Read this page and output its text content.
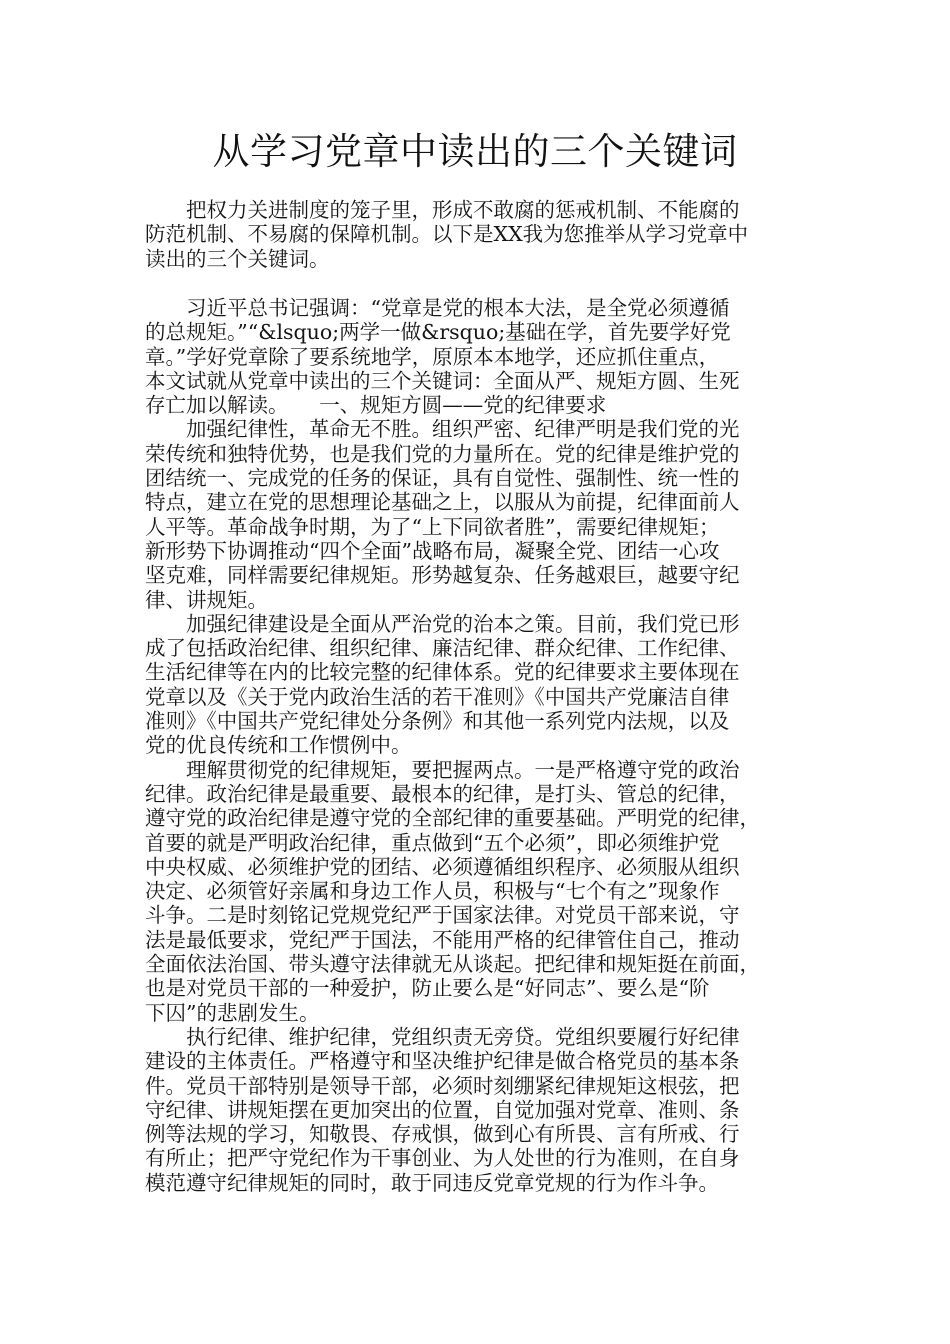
从学习党章中读出的三个关键词
　　把权力关进制度的笼子里，形成不敢腐的惩戒机制、不能腐的
防范机制、不易腐的保障机制。以下是XX我为您推举从学习党章中
读出的三个关键词。
　　习近平总书记强调：“党章是党的根本大法，是全党必须遵循
的总规矩。”“&lsquo;两学一做&rsquo;基础在学，首先要学好党
章。”学好党章除了要系统地学，原原本本地学，还应抓住重点，
本文试就从党章中读出的三个关键词：全面从严、规矩方圆、生死
存亡加以解读。　　一、规矩方圆——党的纪律要求
　　加强纪律性，革命无不胜。组织严密、纪律严明是我们党的光
荣传统和独特优势，也是我们党的力量所在。党的纪律是维护党的
团结统一、完成党的任务的保证，具有自觉性、强制性、统一性的
特点，建立在党的思想理论基础之上，以服从为前提，纪律面前人
人平等。革命战争时期，为了“上下同欲者胜”，需要纪律规矩；
新形势下协调推动“四个全面”战略布局，凝聚全党、团结一心攻
坚克难，同样需要纪律规矩。形势越复杂、任务越艰巨，越要守纪
律、讲规矩。
　　加强纪律建设是全面从严治党的治本之策。目前，我们党已形
成了包括政治纪律、组织纪律、廉洁纪律、群众纪律、工作纪律、
生活纪律等在内的比较完整的纪律体系。党的纪律要求主要体现在
党章以及《关于党内政治生活的若干准则》《中国共产党廉洁自律
准则》《中国共产党纪律处分条例》和其他一系列党内法规，以及
党的优良传统和工作惯例中。
　　理解贯彻党的纪律规矩，要把握两点。一是严格遵守党的政治
纪律。政治纪律是最重要、最根本的纪律，是打头、管总的纪律，
遵守党的政治纪律是遵守党的全部纪律的重要基础。严明党的纪律，
首要的就是严明政治纪律，重点做到“五个必须”，即必须维护党
中央权威、必须维护党的团结、必须遵循组织程序、必须服从组织
决定、必须管好亲属和身边工作人员，积极与“七个有之”现象作
斗争。二是时刻铭记党规党纪严于国家法律。对党员干部来说，守
法是最低要求，党纪严于国法，不能用严格的纪律管住自己，推动
全面依法治国、带头遵守法律就无从谈起。把纪律和规矩挺在前面，
也是对党员干部的一种爱护，防止要么是“好同志”、要么是“阶
下囚”的悲剧发生。
　　执行纪律、维护纪律，党组织责无旁贷。党组织要履行好纪律
建设的主体责任。严格遵守和坚决维护纪律是做合格党员的基本条
件。党员干部特别是领导干部，必须时刻绷紧纪律规矩这根弦，把
守纪律、讲规矩摆在更加突出的位置，自觉加强对党章、准则、条
例等法规的学习，知敬畏、存戒惧，做到心有所畏、言有所戒、行
有所止；把严守党纪作为干事创业、为人处世的行为准则，在自身
模范遵守纪律规矩的同时，敢于同违反党章党规的行为作斗争。
